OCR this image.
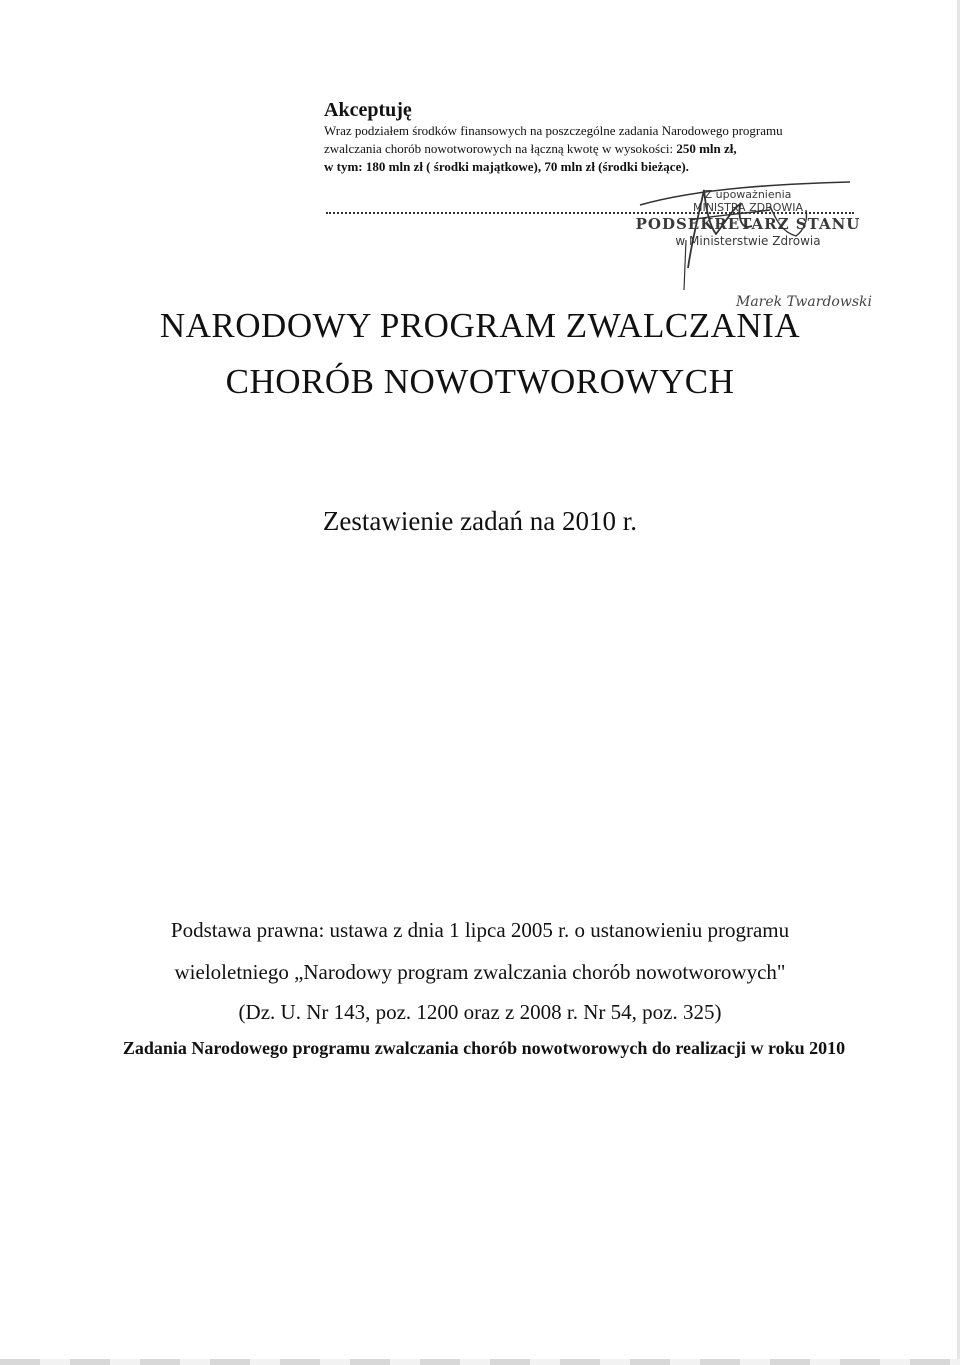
Akceptuję
Wraz podziałem środków finansowych na poszczególne zadania Narodowego programu
zwalczania chorób nowotworowych na łączną kwotę w wysokości: 250 mln zł,
w tym: 180 mln zł ( środki majątkowe), 70 mln zł (środki bieżące).
Z upoważnienia
MINISTRA ZDROWIA
PODSEKRETARZ STANU
w Ministerstwie Zdrowia
Marek Twardowski
NARODOWY PROGRAM ZWALCZANIA
CHORÓB NOWOTWOROWYCH
Zestawienie zadań na 2010 r.
Podstawa prawna: ustawa z dnia 1 lipca 2005 r. o ustanowieniu programu
wieloletniego „Narodowy program zwalczania chorób nowotworowych"
(Dz. U. Nr 143, poz. 1200 oraz z 2008 r. Nr 54, poz. 325)
Zadania Narodowego programu zwalczania chorób nowotworowych do realizacji w roku 2010
